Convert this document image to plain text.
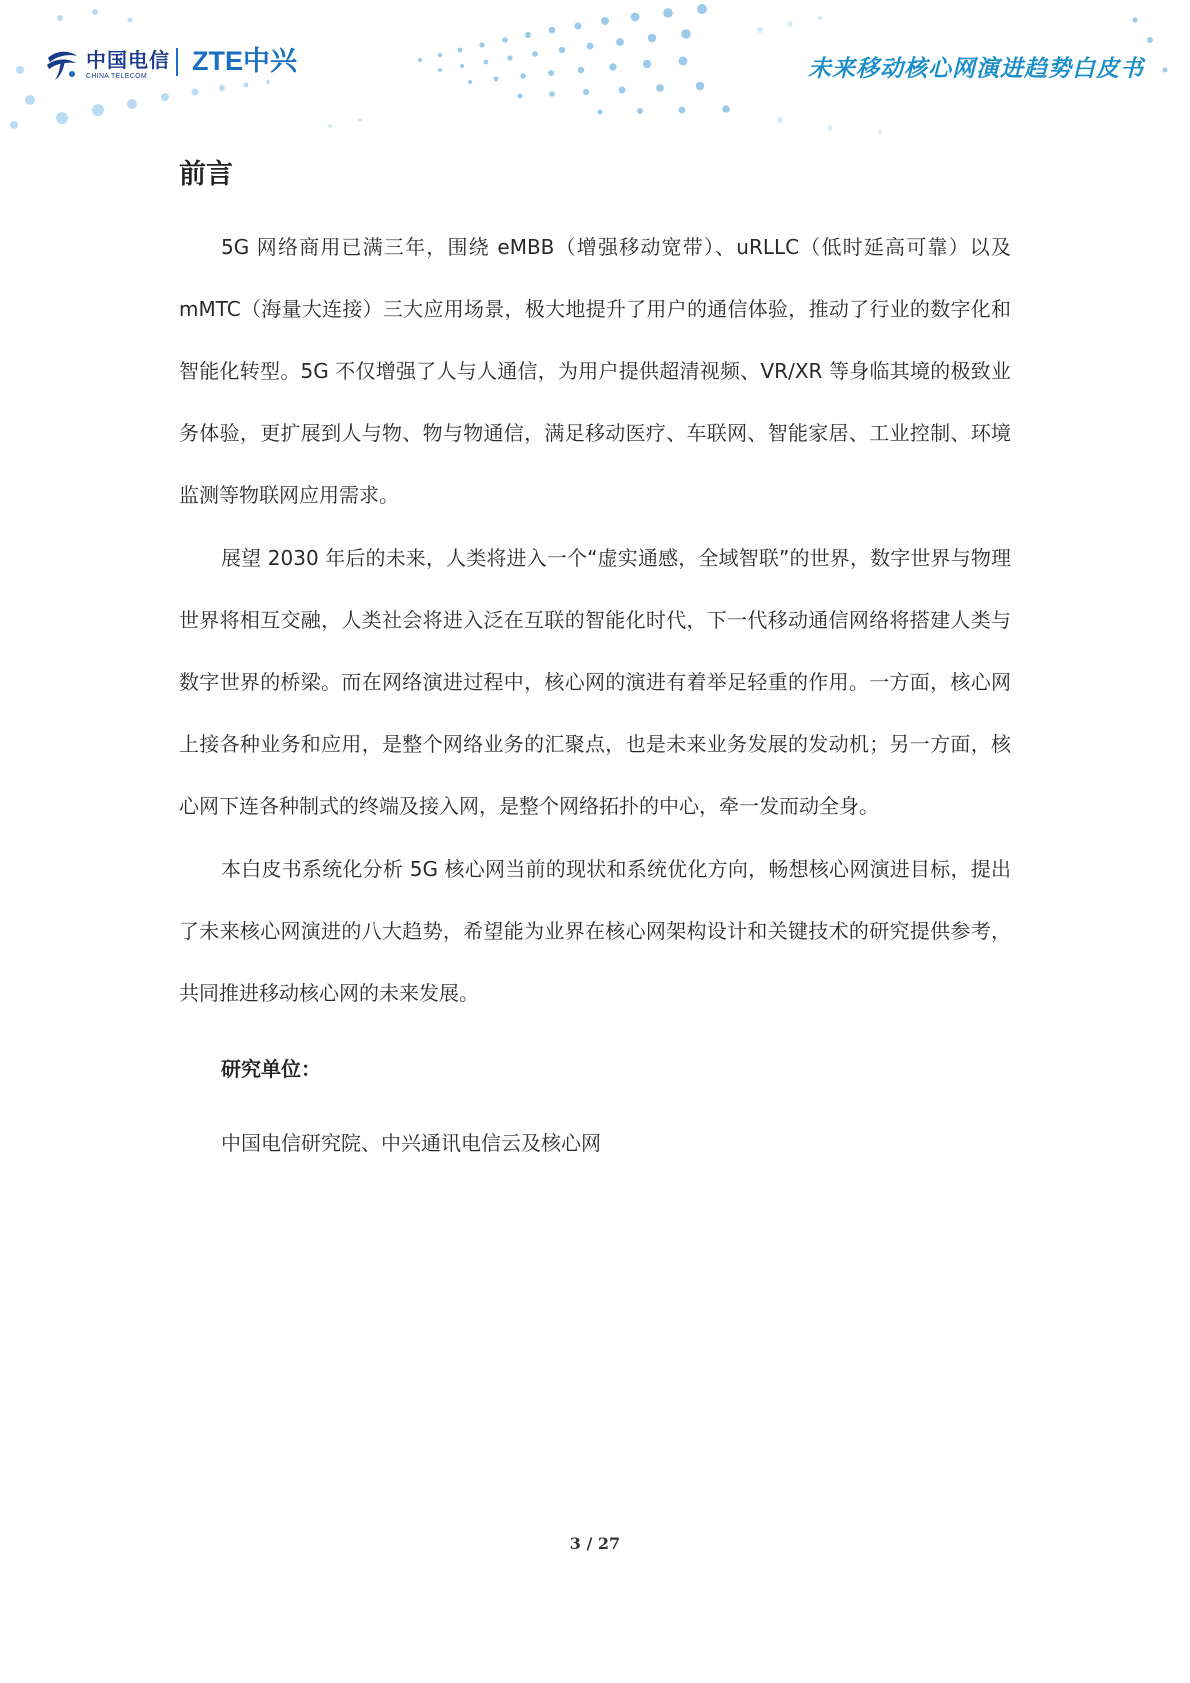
中国电信
CHINA TELECOM
ZTE中兴	未来移动核心网演进趋势白皮书
前言

5G 网络商用已满三年，围绕 eMBB（增强移动宽带）、uRLLC（低时延高可靠）以及 mMTC（海量大连接）三大应用场景，极大地提升了用户的通信体验，推动了行业的数字化和智能化转型。5G 不仅增强了人与人通信，为用户提供超清视频、VR/XR 等身临其境的极致业务体验，更扩展到人与物、物与物通信，满足移动医疗、车联网、智能家居、工业控制、环境监测等物联网应用需求。

展望 2030 年后的未来，人类将进入一个“虚实通感，全域智联”的世界，数字世界与物理世界将相互交融，人类社会将进入泛在互联的智能化时代，下一代移动通信网络将搭建人类与数字世界的桥梁。而在网络演进过程中，核心网的演进有着举足轻重的作用。一方面，核心网上接各种业务和应用，是整个网络业务的汇聚点，也是未来业务发展的发动机；另一方面，核心网下连各种制式的终端及接入网，是整个网络拓扑的中心，牵一发而动全身。

本白皮书系统化分析 5G 核心网当前的现状和系统优化方向，畅想核心网演进目标，提出了未来核心网演进的八大趋势，希望能为业界在核心网架构设计和关键技术的研究提供参考，共同推进移动核心网的未来发展。

研究单位：
中国电信研究院、中兴通讯电信云及核心网
3 / 27
